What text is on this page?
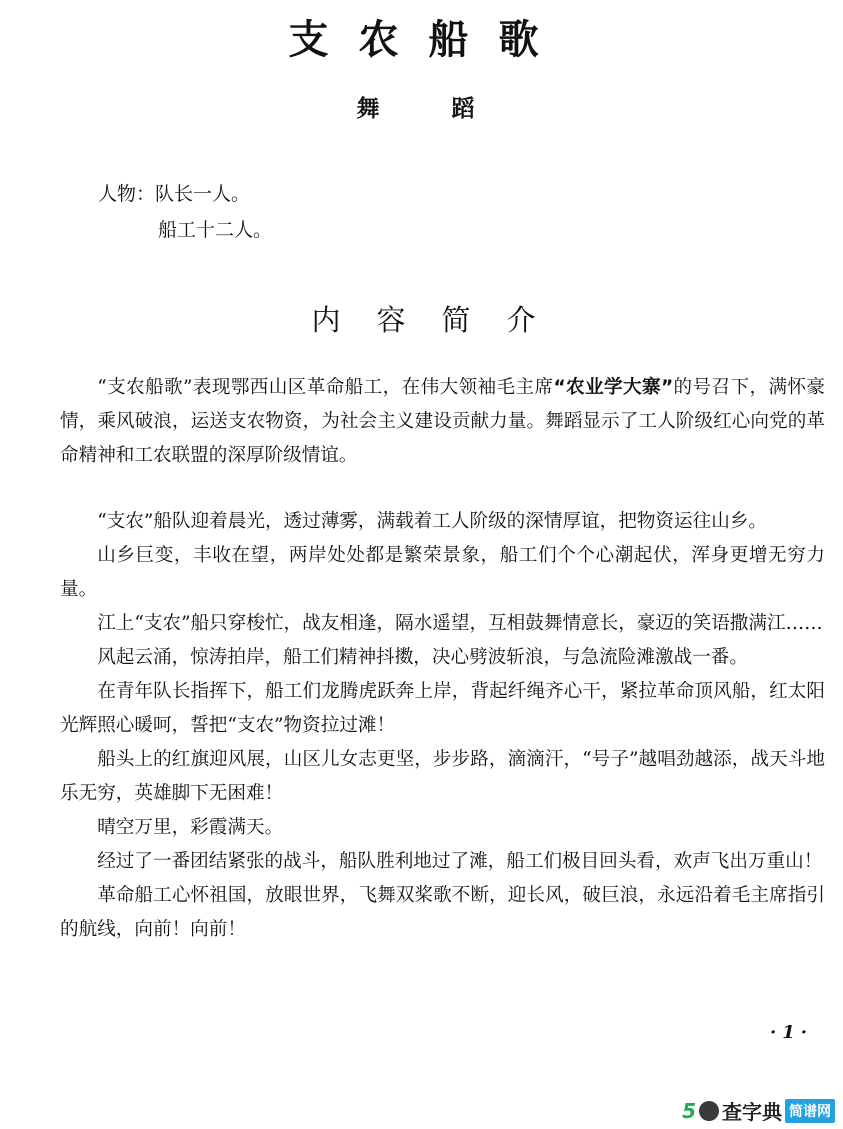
支农船歌
舞蹈
人物：队长一人。
船工十二人。
内容简介

“支农船歌”表现鄂西山区革命船工，在伟大领袖毛主席“农业学大寨”的号召下，满怀豪情，乘风破浪，运送支农物资，为社会主义建设贡献力量。舞蹈显示了工人阶级红心向党的革命精神和工农联盟的深厚阶级情谊。

“支农”船队迎着晨光，透过薄雾，满载着工人阶级的深情厚谊，把物资运往山乡。

山乡巨变，丰收在望，两岸处处都是繁荣景象，船工们个个心潮起伏，浑身更增无穷力量。

江上“支农”船只穿梭忙，战友相逢，隔水遥望，互相鼓舞情意长，豪迈的笑语撒满江……

风起云涌，惊涛拍岸，船工们精神抖擞，决心劈波斩浪，与急流险滩激战一番。

在青年队长指挥下，船工们龙腾虎跃奔上岸，背起纤绳齐心干，紧拉革命顶风船，红太阳光辉照心暖呵，誓把“支农”物资拉过滩！

船头上的红旗迎风展，山区儿女志更坚，步步路，滴滴汗，“号子”越唱劲越添，战天斗地乐无穷，英雄脚下无困难！

晴空万里，彩霞满天。

经过了一番团结紧张的战斗，船队胜利地过了滩，船工们极目回头看，欢声飞出万重山！

革命船工心怀祖国，放眼世界，飞舞双桨歌不断，迎长风，破巨浪，永远沿着毛主席指引的航线，向前！向前！

·1·
5 查字典 简谱网
